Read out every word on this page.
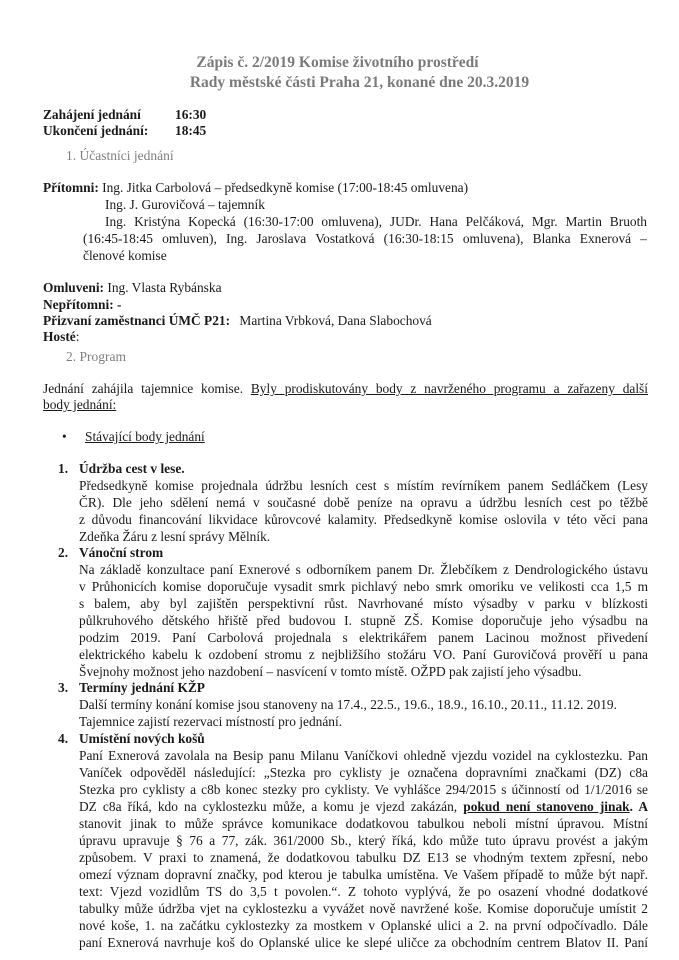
Zápis č. 2/2019 Komise životního prostředí
Rady městské části Praha 21, konané dne 20.3.2019
Zahájení jednání	16:30
Ukončení jednání: 18:45
1. Účastníci jednání
Přítomni: Ing. Jitka Carbolová – předsedkyně komise (17:00-18:45 omluvena)
Ing. J. Gurovičová – tajemník
Ing. Kristýna Kopecká (16:30-17:00 omluvena), JUDr. Hana Pelčáková, Mgr. Martin Bruoth
(16:45-18:45 omluven), Ing. Jaroslava Vostatková (16:30-18:15 omluvena), Blanka Exnerová –
členové komise
Omluveni: Ing. Vlasta Rybánska
Nepřítomni: -
Přizvaní zaměstnanci ÚMČ P21: Martina Vrbková, Dana Slabochová
Hosté:
2. Program
Jednání zahájila tajemnice komise. Byly prodiskutovány body z navrženého programu a zařazeny další
body jednání:
• Stávající body jednání
1. Údržba cest v lese.
Předsedkyně komise projednala údržbu lesních cest s místím revírníkem panem Sedláčkem (Lesy
ČR). Dle jeho sdělení nemá v současné době peníze na opravu a údržbu lesních cest po těžbě
z důvodu financování likvidace kůrovcové kalamity. Předsedkyně komise oslovila v této věci pana
Zdeňka Žáru z lesní správy Mělník.
2. Vánoční strom
Na základě konzultace paní Exnerové s odborníkem panem Dr. Žlebčíkem z Dendrologického ústavu
v Průhonicích komise doporučuje vysadit smrk pichlavý nebo smrk omoriku ve velikosti cca 1,5 m
s balem, aby byl zajištěn perspektivní růst. Navrhované místo výsadby v parku v blízkosti
půlkruhového dětského hřiště před budovou I. stupně ZŠ. Komise doporučuje jeho výsadbu na
podzim 2019. Paní Carbolová projednala s elektrikářem panem Lacinou možnost přivedení
elektrického kabelu k ozdobení stromu z nejbližšího stožáru VO. Paní Gurovičová prověří u pana
Švejnohy možnost jeho nazdobení – nasvícení v tomto místě. OŽPD pak zajistí jeho výsadbu.
3. Termíny jednání KŽP
Další termíny konání komise jsou stanoveny na 17.4., 22.5., 19.6., 18.9., 16.10., 20.11., 11.12. 2019.
Tajemnice zajistí rezervaci místností pro jednání.
4. Umístění nových košů
Paní Exnerová zavolala na Besip panu Milanu Vaníčkovi ohledně vjezdu vozidel na cyklostezku. Pan
Vaníček odpověděl následující: „Stezka pro cyklisty je označena dopravními značkami (DZ) c8a
Stezka pro cyklisty a c8b konec stezky pro cyklisty. Ve vyhlášce 294/2015 s účinností od 1/1/2016 se
DZ c8a říká, kdo na cyklostezku může, a komu je vjezd zakázán, pokud není stanoveno jinak. A
stanovit jinak to může správce komunikace dodatkovou tabulkou neboli místní úpravou. Místní
úpravu upravuje § 76 a 77, zák. 361/2000 Sb., který říká, kdo může tuto úpravu provést a jakým
způsobem. V praxi to znamená, že dodatkovou tabulku DZ E13 se vhodným textem zpřesní, nebo
omezí význam dopravní značky, pod kterou je tabulka umístěna. Ve Vašem případě to může být např.
text: Vjezd vozidlům TS do 3,5 t povolen.“. Z tohoto vyplývá, že po osazení vhodné dodatkové
tabulky může údržba vjet na cyklostezku a vyvážet nově navržené koše. Komise doporučuje umístit 2
nové koše, 1. na začátku cyklostezky za mostkem v Oplanské ulici a 2. na první odpočívadlo. Dále
paní Exnerová navrhuje koš do Oplanské ulice ke slepé uličce za obchodním centrem Blatov II. Paní
